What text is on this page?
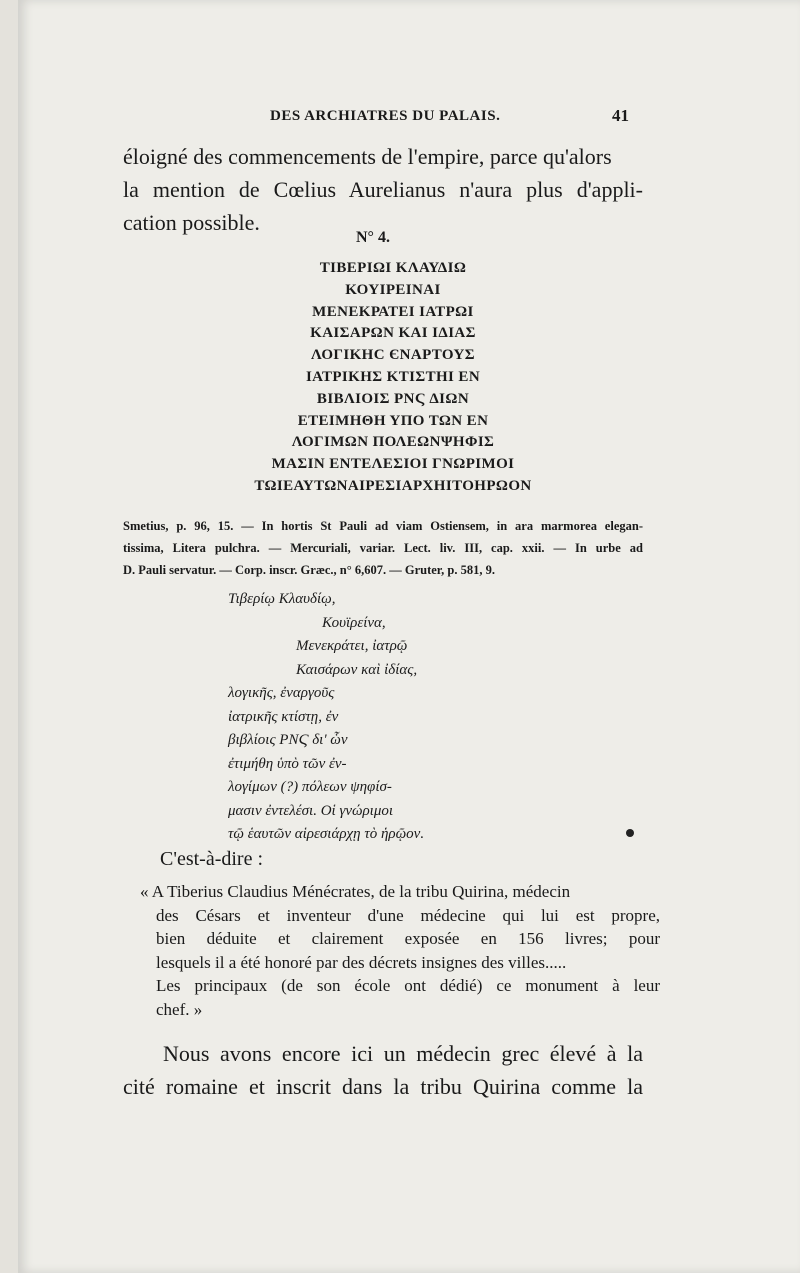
DES ARCHIATRES DU PALAIS.	41
éloigné des commencements de l'empire, parce qu'alors
la mention de Cœlius Aurelianus n'aura plus d'appli-
cation possible.
N° 4.
ΤΙΒΕΡΙΩΙ ΚΛΑΥΔΙΩ
ΚΟΥΙΡΕΙΝΑΙ
ΜΕΝΕΚΡΑΤΕΙ ΙΑΤΡΩΙ
ΚΑΙΣΑΡΩΝ ΚΑΙ ΙΔΙΑΣ
ΛΟΓΙΚΗC ЄΝΑΡΤΟΥΣ
ΙΑΤΡΙΚΗΣ ΚΤΙΣΤΗΙ ΕΝ
ΒΙΒΛΙΟΙΣ ΡΝϚ ΔΙΩΝ
ΕΤΕΙΜΗΘΗ ΥΠΟ ΤΩΝ ΕΝ
ΛΟΓΙΜΩΝ ΠΟΛΕΩΝΨΗΦΙΣ
ΜΑΣΙΝ ΕΝΤΕΛΕΣΙΟΙ ΓΝΩΡΙΜΟΙ
ΤΩΙΕΑΥΤΩΝΑΙΡΕΣΙΑΡΧΗΙΤΟΗΡΩΟΝ
Smetius, p. 96, 15. — In hortis St Pauli ad viam Ostiensem, in ara marmorea elegan-
tissima, Litera pulchra. — Mercuriali, variar. Lect. liv. III, cap. xxii. — In urbe ad
D. Pauli servatur. — Corp. inscr. Græc., n° 6,607. — Gruter, p. 581, 9.
Τιβερίῳ Κλαυδίῳ,
Κουϊρείνα,
Μενεκράτει, ἰατρῷ
Καισάρων καὶ ἰδίας,
λογικῆς, ἐναργοῦς
ἰατρικῆς κτίστῃ, ἐν
βιβλίοις ΡΝϚ δι' ὧν
ἐτιμήθη ὑπὸ τῶν ἐν-
λογίμων (?) πόλεων ψηφίσ-
μασιν ἐντελέσι. Οἱ γνώριμοι
τῷ ἑαυτῶν αἱρεσιάρχῃ τὸ ἡρῷον.
C'est-à-dire :
« A Tiberius Claudius Ménécrates, de la tribu Quirina, médecin
des Césars et inventeur d'une médecine qui lui est propre,
bien déduite et clairement exposée en 156 livres; pour
lesquels il a été honoré par des décrets insignes des villes.....
Les principaux (de son école ont dédié) ce monument à leur
chef. »
Nous avons encore ici un médecin grec élevé à la
cité romaine et inscrit dans la tribu Quirina comme la
